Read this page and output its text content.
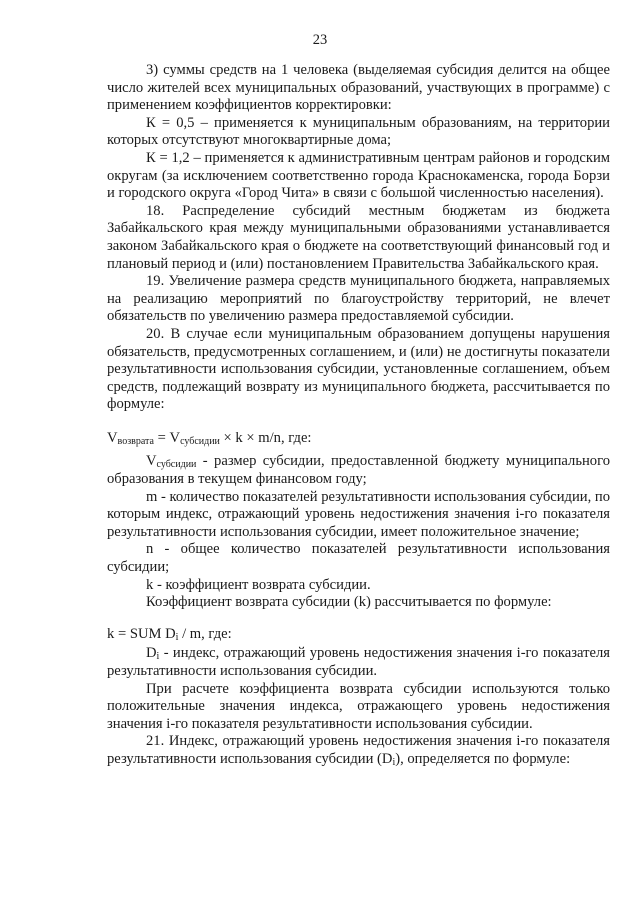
23

3) суммы средств на 1 человека (выделяемая субсидия делится на общее число жителей всех муниципальных образований, участвующих в программе) с применением коэффициентов корректировки:

К = 0,5 – применяется к муниципальным образованиям, на территории которых отсутствуют многоквартирные дома;

К = 1,2 – применяется к административным центрам районов и городским округам (за исключением соответственно города Краснокаменска, города Борзи и городского округа «Город Чита» в связи с большой численностью населения).

18. Распределение субсидий местным бюджетам из бюджета Забайкальского края между муниципальными образованиями устанавливается законом Забайкальского края о бюджете на соответствующий финансовый год и плановый период и (или) постановлением Правительства Забайкальского края.

19. Увеличение размера средств муниципального бюджета, направляемых на реализацию мероприятий по благоустройству территорий, не влечет обязательств по увеличению размера предоставляемой субсидии.

20. В случае если муниципальным образованием допущены нарушения обязательств, предусмотренных соглашением, и (или) не достигнуты показатели результативности использования субсидии, установленные соглашением, объем средств, подлежащий возврату из муниципального бюджета, рассчитывается по формуле:

$V_{возврата} = V_{субсидии} \times k \times m/n$, где:

$V_{субсидии}$ - размер субсидии, предоставленной бюджету муниципального образования в текущем финансовом году;

m - количество показателей результативности использования субсидии, по которым индекс, отражающий уровень недостижения значения i-го показателя результативности использования субсидии, имеет положительное значение;

n - общее количество показателей результативности использования субсидии;

k - коэффициент возврата субсидии.

Коэффициент возврата субсидии (k) рассчитывается по формуле:

k = SUM $D_i$ / m, где:

$D_i$ - индекс, отражающий уровень недостижения значения i-го показателя результативности использования субсидии.

При расчете коэффициента возврата субсидии используются только положительные значения индекса, отражающего уровень недостижения значения i-го показателя результативности использования субсидии.

21. Индекс, отражающий уровень недостижения значения i-го показателя результативности использования субсидии $(D_i)$, определяется по формуле:
